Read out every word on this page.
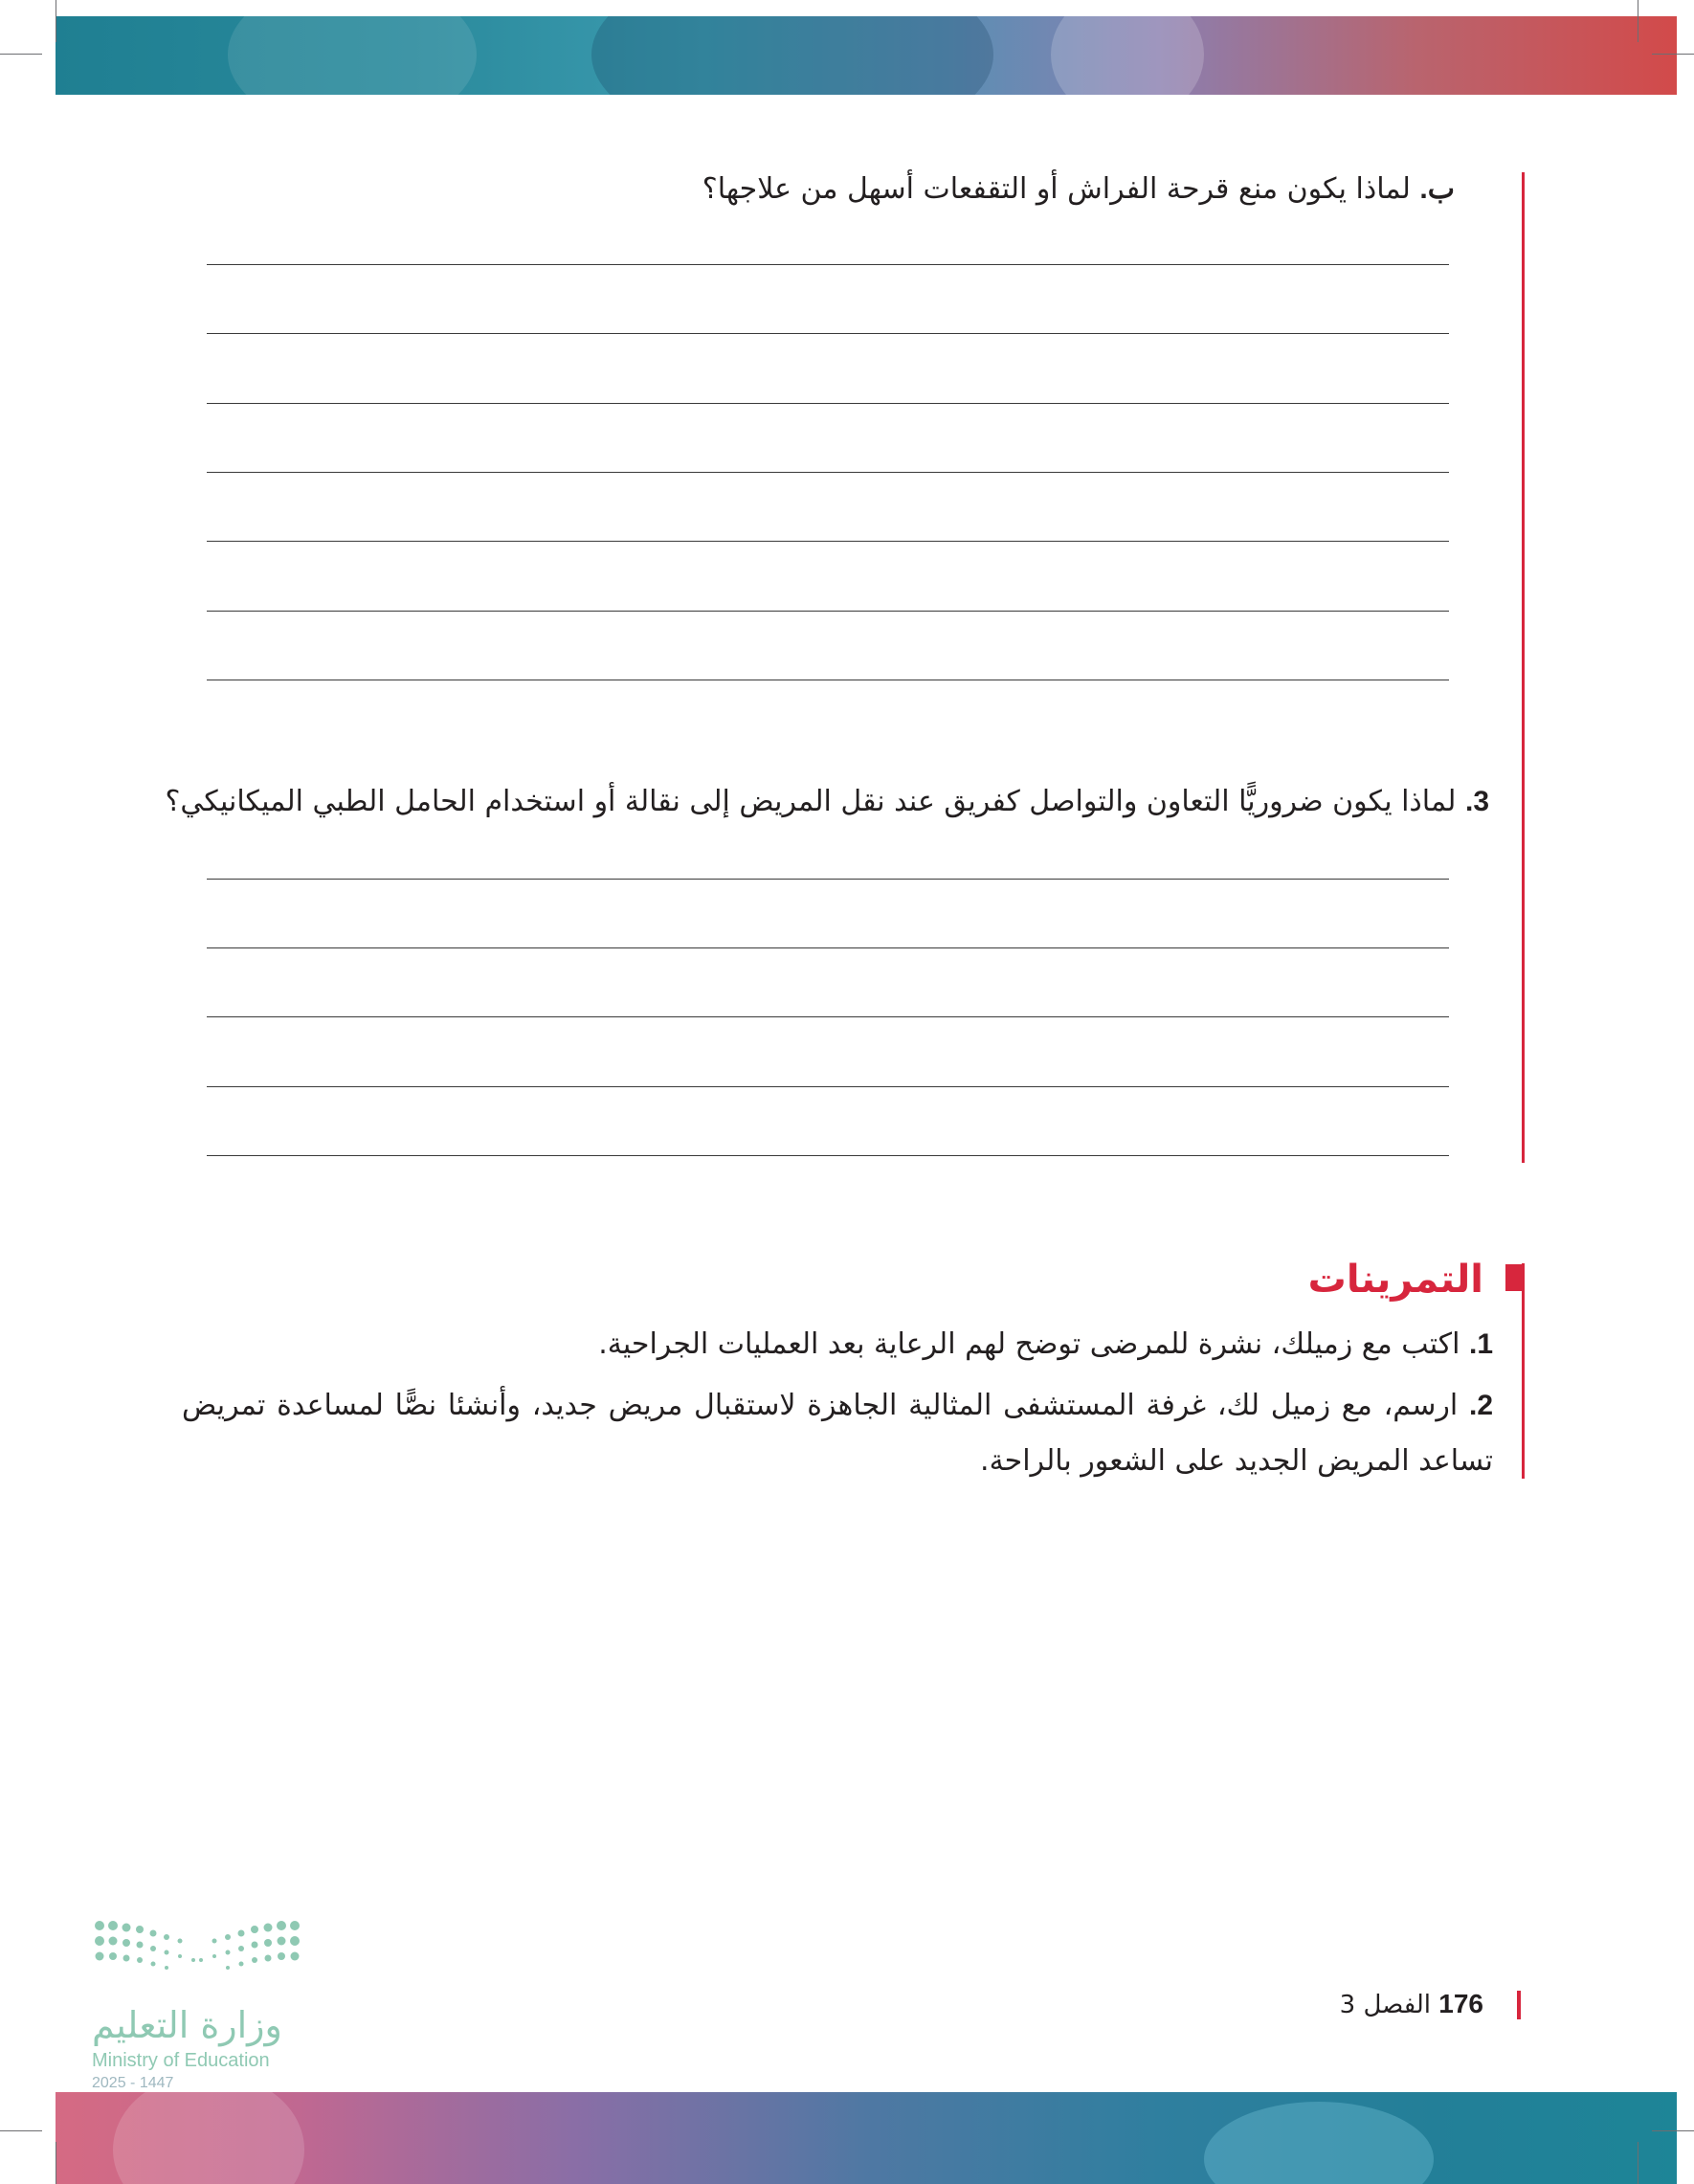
ب. لماذا يكون منع قرحة الفراش أو التقفعات أسهل من علاجها؟
3. لماذا يكون ضروريًّا التعاون والتواصل كفريق عند نقل المريض إلى نقالة أو استخدام الحامل الطبي الميكانيكي؟
التمرينات
1. اكتب مع زميلك، نشرة للمرضى توضح لهم الرعاية بعد العمليات الجراحية.
2. ارسم، مع زميل لك، غرفة المستشفى المثالية الجاهزة لاستقبال مريض جديد، وأنشئا نصًّا لمساعدة تمريض تساعد المريض الجديد على الشعور بالراحة.
176 الفصل 3
وزارة التعليم
Ministry of Education
2025 - 1447
